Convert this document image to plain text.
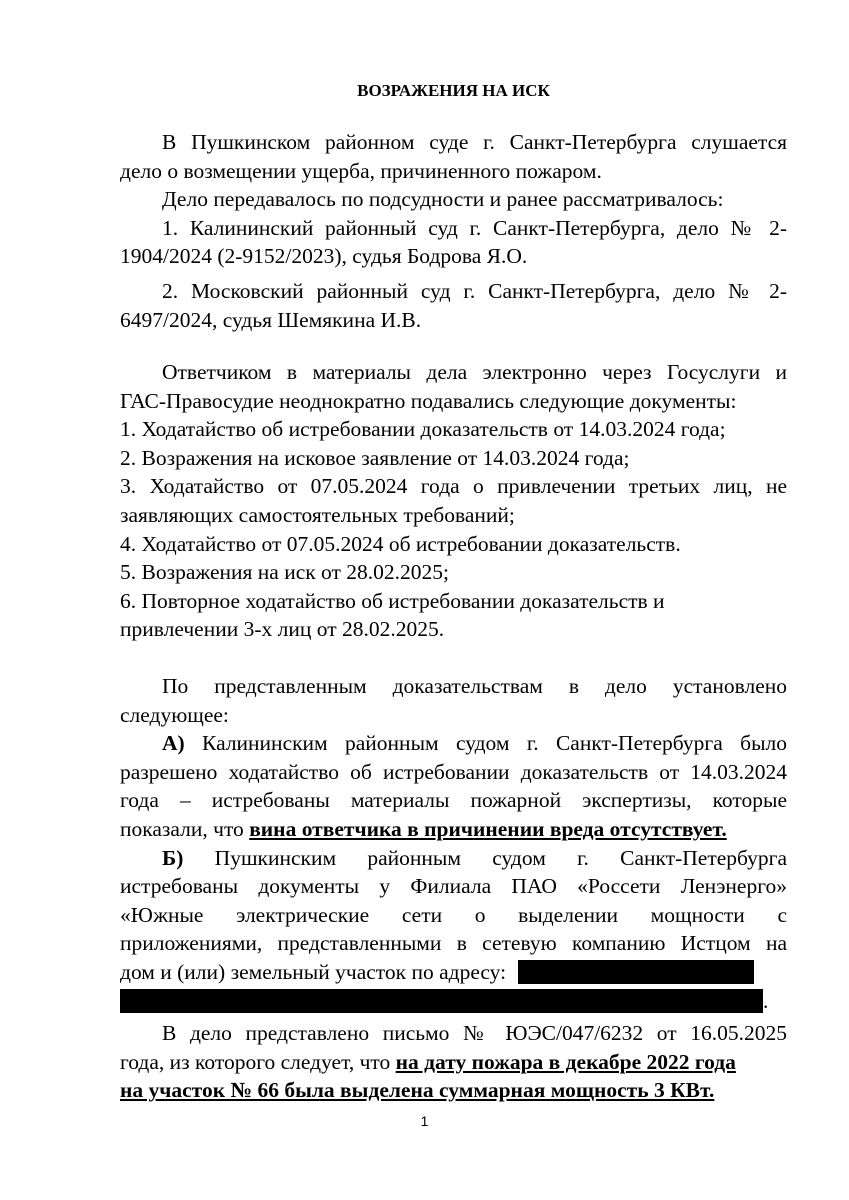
ВОЗРАЖЕНИЯ НА ИСК
В Пушкинском районном суде г. Санкт-Петербурга слушается
дело о возмещении ущерба, причиненного пожаром.
Дело передавалось по подсудности и ранее рассматривалось:
1. Калининский районный суд г. Санкт-Петербурга, дело № 2-
1904/2024 (2-9152/2023), судья Бодрова Я.О.
2. Московский районный суд г. Санкт-Петербурга, дело № 2-
6497/2024, судья Шемякина И.В.
Ответчиком в материалы дела электронно через Госуслуги и
ГАС-Правосудие неоднократно подавались следующие документы:
1. Ходатайство об истребовании доказательств от 14.03.2024 года;
2. Возражения на исковое заявление от 14.03.2024 года;
3. Ходатайство от 07.05.2024 года о привлечении третьих лиц, не
заявляющих самостоятельных требований;
4. Ходатайство от 07.05.2024 об истребовании доказательств.
5. Возражения на иск от 28.02.2025;
6. Повторное ходатайство об истребовании доказательств и
привлечении 3-х лиц от 28.02.2025.
По представленным доказательствам в дело установлено
следующее:
А) Калининским районным судом г. Санкт-Петербурга было
разрешено ходатайство об истребовании доказательств от 14.03.2024
года – истребованы материалы пожарной экспертизы, которые
показали, что вина ответчика в причинении вреда отсутствует.
Б) Пушкинским районным судом г. Санкт-Петербурга
истребованы документы у Филиала ПАО «Россети Ленэнерго»
«Южные электрические сети о выделении мощности с
приложениями, представленными в сетевую компанию Истцом на
дом и (или) земельный участок по адресу:
.
В дело представлено письмо № ЮЭС/047/6232 от 16.05.2025
года, из которого следует, что на дату пожара в декабре 2022 года
на участок № 66 была выделена суммарная мощность 3 КВт.
1
